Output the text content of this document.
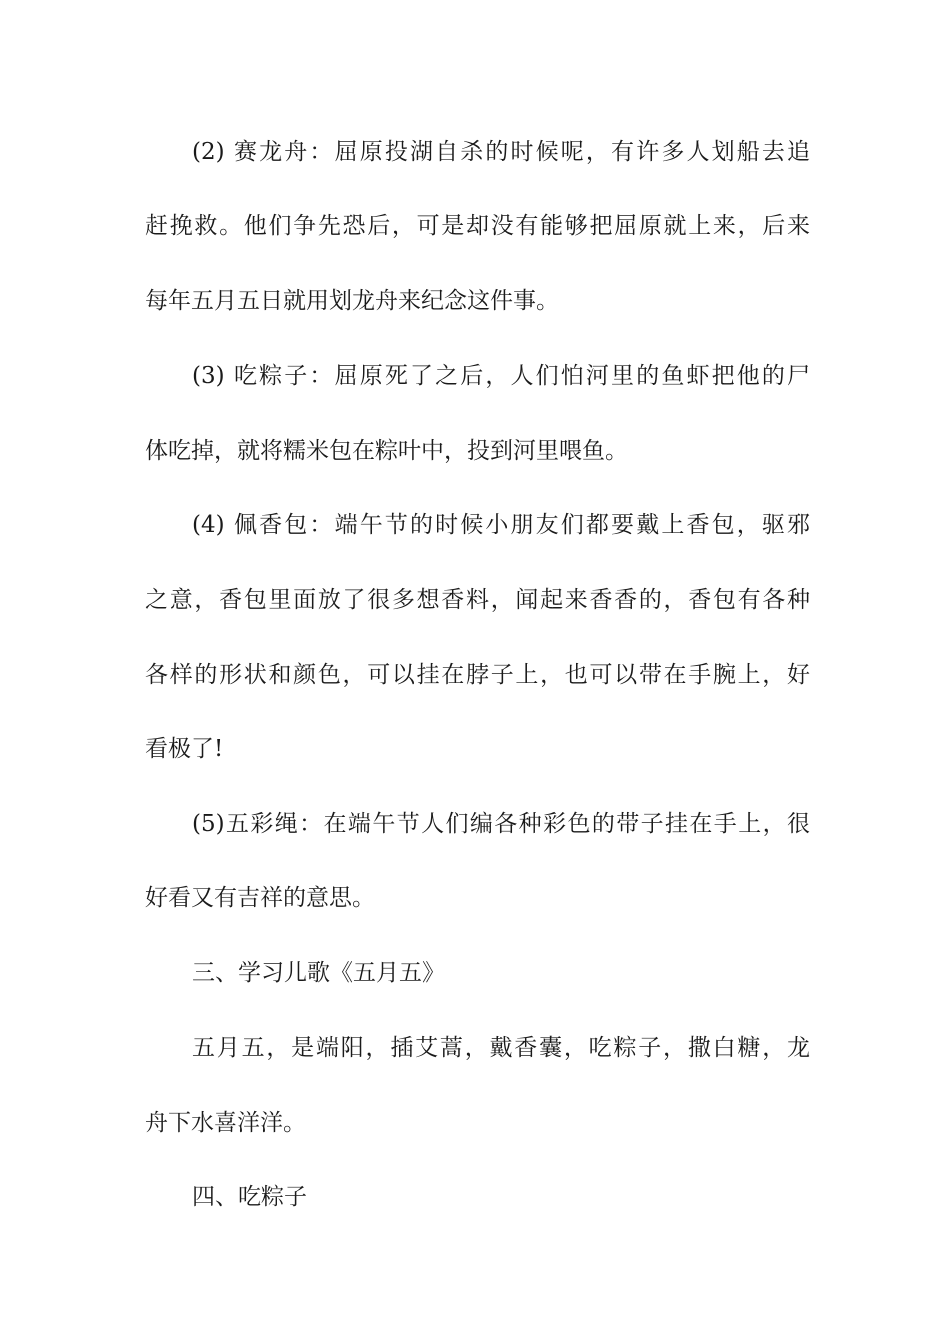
(2) 赛龙舟：屈原投湖自杀的时候呢，有许多人划船去追
赶挽救。他们争先恐后，可是却没有能够把屈原就上来，后来
每年五月五日就用划龙舟来纪念这件事。
(3) 吃粽子：屈原死了之后，人们怕河里的鱼虾把他的尸
体吃掉，就将糯米包在粽叶中，投到河里喂鱼。
(4) 佩香包：端午节的时候小朋友们都要戴上香包，驱邪
之意，香包里面放了很多想香料，闻起来香香的，香包有各种
各样的形状和颜色，可以挂在脖子上，也可以带在手腕上，好
看极了!
(5)五彩绳：在端午节人们编各种彩色的带子挂在手上，很
好看又有吉祥的意思。
三、学习儿歌《五月五》
五月五，是端阳，插艾蒿，戴香囊，吃粽子，撒白糖，龙
舟下水喜洋洋。
四、吃粽子
